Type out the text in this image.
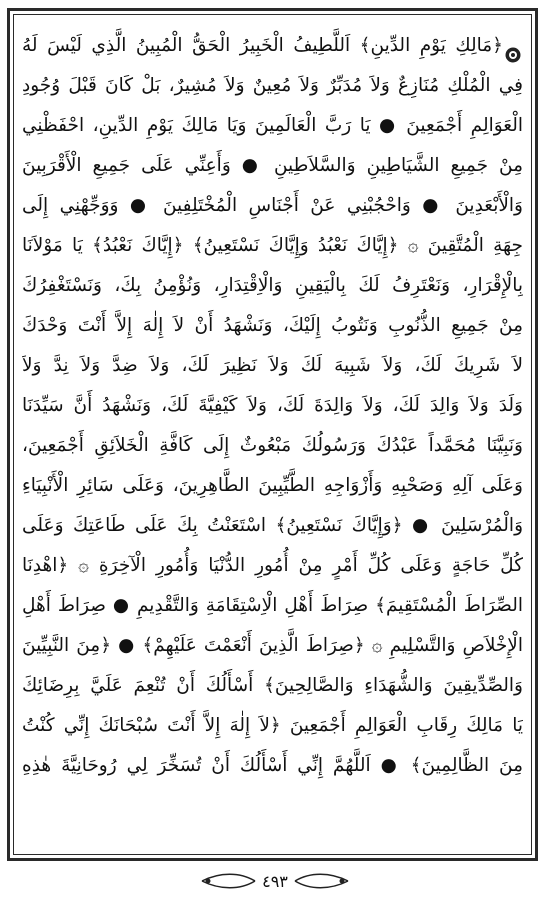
﴿مَالِكِ يَوْمِ الدِّينِ﴾ اَللَّطِيفُ الْخَبِيرُ الْحَقُّ الْمُبِينُ الَّذِي لَيْسَ لَهُ
فِي الْمُلْكِ مُنَازِعٌ وَلاَ مُدَبِّرٌ وَلاَ مُعِينٌ وَلاَ مُشِيرٌ، بَلْ كَانَ قَبْلَ وُجُودِ
الْعَوَالِمِ أَجْمَعِينَ ● يَا رَبَّ الْعَالَمِينَ وَيَا مَالِكَ يَوْمِ الدِّينِ، احْفَظْنِي
مِنْ جَمِيعِ الشَّيَاطِينِ وَالسَّلاَطِينِ ● وَأَعِنِّي عَلَى جَمِيعِ الْأَقْرَبِينَ
وَالْأَبْعَدِينَ ● وَاحْجُبْنِي عَنْ أَجْنَاسِ الْمُخْتَلِفِينَ ● وَوَجِّهْنِي إِلَى
جِهَةِ الْمُتَّقِينَ ۞ ﴿إِيَّاكَ نَعْبُدُ وَإِيَّاكَ نَسْتَعِينُ﴾ ﴿إِيَّاكَ نَعْبُدُ﴾ يَا مَوْلاَنَا
بِالْإِقْرَارِ، وَنَعْتَرِفُ لَكَ بِالْيَقِينِ وَالْاِقْتِدَارِ، وَنُؤْمِنُ بِكَ، وَنَسْتَغْفِرُكَ
مِنْ جَمِيعِ الذُّنُوبِ وَنَتُوبُ إِلَيْكَ، وَنَشْهَدُ أَنْ لاَ إِلٰهَ إِلاَّ أَنْتَ وَحْدَكَ
لاَ شَرِيكَ لَكَ، وَلاَ شَبِيهَ لَكَ وَلاَ نَظِيرَ لَكَ، وَلاَ ضِدَّ وَلاَ نِدَّ وَلاَ
وَلَدَ وَلاَ وَالِدَ لَكَ، وَلاَ وَالِدَةَ لَكَ، وَلاَ كَيْفِيَّةَ لَكَ، وَنَشْهَدُ أَنَّ سَيِّدَنَا
وَنَبِيَّنَا مُحَمَّداً عَبْدُكَ وَرَسُولُكَ مَبْعُوثٌ إِلَى كَافَّةِ الْخَلاَئِقِ أَجْمَعِينَ،
وَعَلَى آلِهِ وَصَحْبِهِ وَأَزْوَاجِهِ الطَّيِّبِينَ الطَّاهِرِينَ، وَعَلَى سَائِرِ الْأَنْبِيَاءِ
وَالْمُرْسَلِينَ ● ﴿وَإِيَّاكَ نَسْتَعِينُ﴾ اسْتَعَنْتُ بِكَ عَلَى طَاعَتِكَ وَعَلَى
كُلِّ حَاجَةٍ وَعَلَى كُلِّ أَمْرٍ مِنْ أُمُورِ الدُّنْيَا وَأُمُورِ الْآخِرَةِ ۞ ﴿اهْدِنَا
الصِّرَاطَ الْمُسْتَقِيمَ﴾ صِرَاطَ أَهْلِ الْاِسْتِقَامَةِ وَالتَّقْدِيمِ ● صِرَاطَ أَهْلِ
الْإِخْلاَصِ وَالتَّسْلِيمِ ۞ ﴿صِرَاطَ الَّذِينَ أَنْعَمْتَ عَلَيْهِمْ﴾ ● ﴿مِنَ النَّبِيِّينَ
وَالصِّدِّيقِينَ وَالشُّهَدَاءِ وَالصَّالِحِينَ﴾ أَسْأَلُكَ أَنْ تُنْعِمَ عَلَيَّ بِرِضَائِكَ
يَا مَالِكَ رِقَابِ الْعَوَالِمِ أَجْمَعِينَ ﴿لاَ إِلٰهَ إِلاَّ أَنْتَ سُبْحَانَكَ إِنِّي كُنْتُ
مِنَ الظَّالِمِينَ﴾ ● اَللَّهُمَّ إِنِّي أَسْأَلُكَ أَنْ تُسَخِّرَ لِي رُوحَانِيَّةَ هٰذِهِ
٤٩٣
